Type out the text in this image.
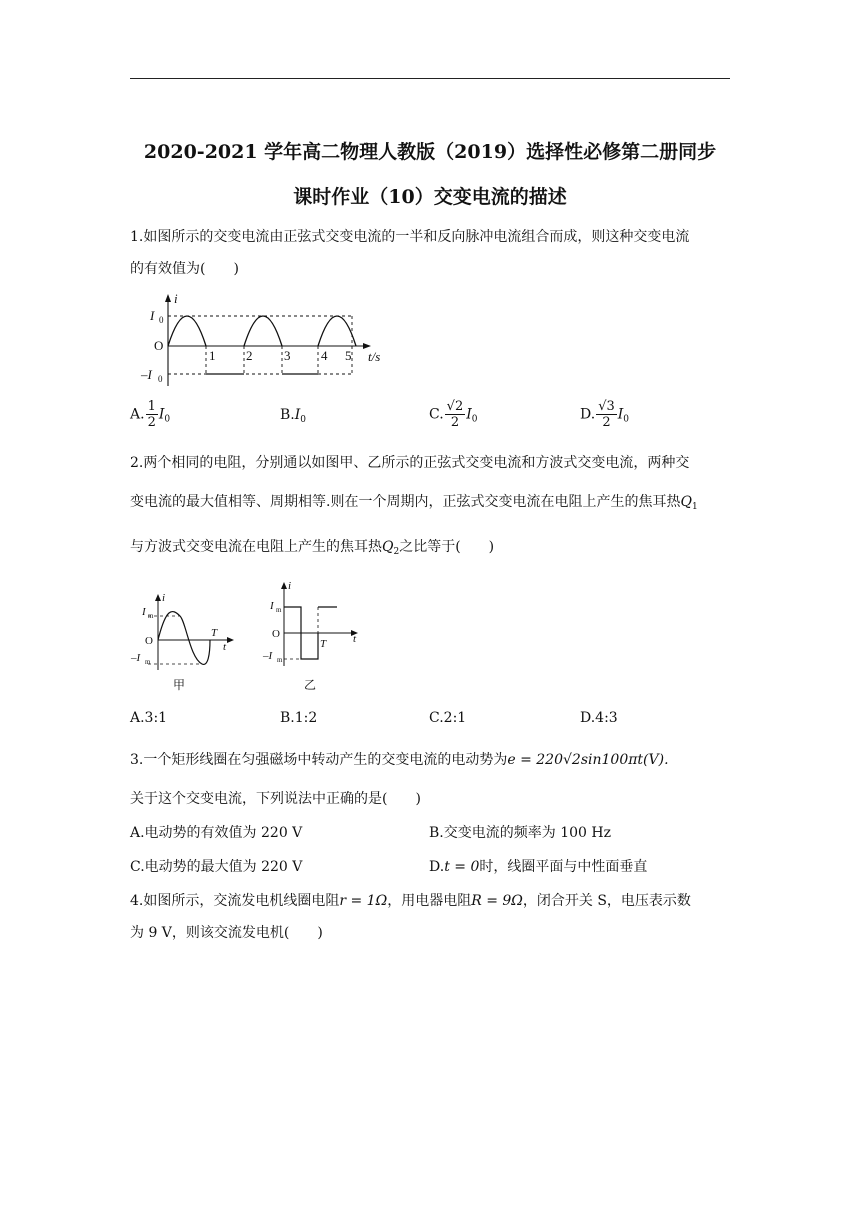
2020-2021 学年高二物理人教版（2019）选择性必修第二册同步
课时作业（10）交变电流的描述
1.如图所示的交变电流由正弦式交变电流的一半和反向脉冲电流组合而成，则这种交变电流
的有效值为(　　)
i
O
I 0
–I 0
1 2 3 4 5 t/s
A. $\frac{1}{2} I_0$	$B.I_0$	C. $\frac{√2}{2} I_0$	D. $\frac{√3}{2} I_0$
2.两个相同的电阻，分别通以如图甲、乙所示的正弦式交变电流和方波式交变电流，两种交
变电流的最大值相等、周期相等.则在一个周期内，正弦式交变电流在电阻上产生的焦耳热$Q_1$
与方波式交变电流在电阻上产生的焦耳热$Q_2$之比等于(　　)
i
I m
O
–I m
T
t
甲
i
I m
O
–I m
T t
乙
A.3:1	B.1:2	C.2:1	D.4:3
3.一个矩形线圈在匀强磁场中转动产生的交变电流的电动势为e = 220√2sin100πt(V).
关于这个交变电流，下列说法中正确的是(　　)
A.电动势的有效值为 220 V	B.交变电流的频率为 100 Hz
C.电动势的最大值为 220 V	D.t = 0时，线圈平面与中性面垂直
4.如图所示，交流发电机线圈电阻r = 1Ω，用电器电阻R = 9Ω，闭合开关 S，电压表示数
为 9 V，则该交流发电机(　　)
